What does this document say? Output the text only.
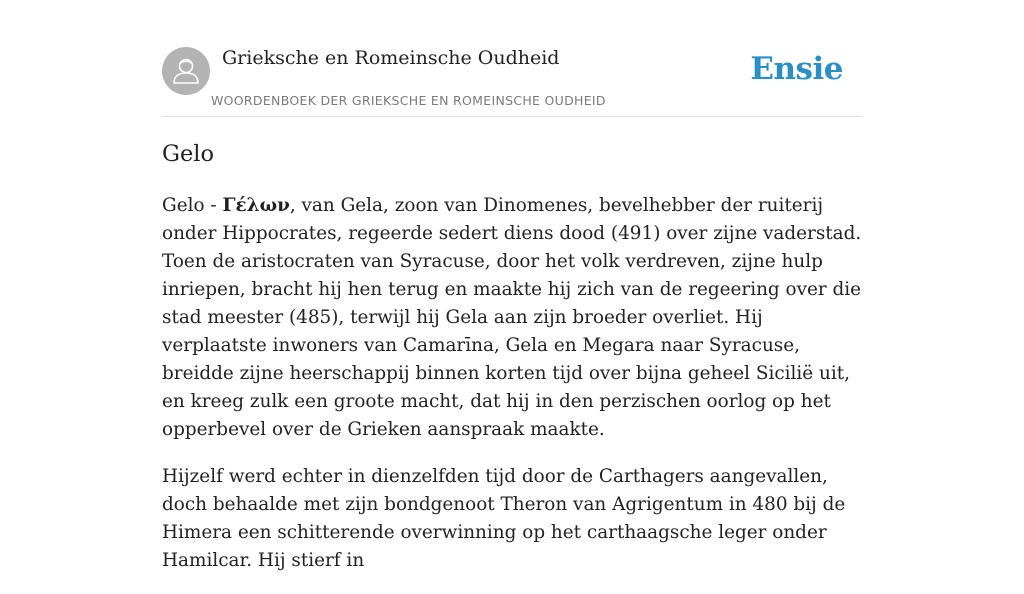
Grieksche en Romeinsche Oudheid
WOORDENBOEK DER GRIEKSCHE EN ROMEINSCHE OUDHEID
Ensie
Gelo

Gelo - Γέλων, van Gela, zoon van Dinomenes, bevelhebber der ruiterij onder Hippocrates, regeerde sedert diens dood (491) over zijne vaderstad. Toen de aristocraten van Syracuse, door het volk verdreven, zijne hulp inriepen, bracht hij hen terug en maakte hij zich van de regeering over die stad meester (485), terwijl hij Gela aan zijn broeder overliet. Hij verplaatste inwoners van Camarīna, Gela en Megara naar Syracuse, breidde zijne heerschappij binnen korten tijd over bijna geheel Sicilië uit, en kreeg zulk een groote macht, dat hij in den perzischen oorlog op het opperbevel over de Grieken aanspraak maakte.

Hijzelf werd echter in dienzelfden tijd door de Carthagers aangevallen, doch behaalde met zijn bondgenoot Theron van Agrigentum in 480 bij de Himera een schitterende overwinning op het carthaagsche leger onder Hamilcar. Hij stierf in
